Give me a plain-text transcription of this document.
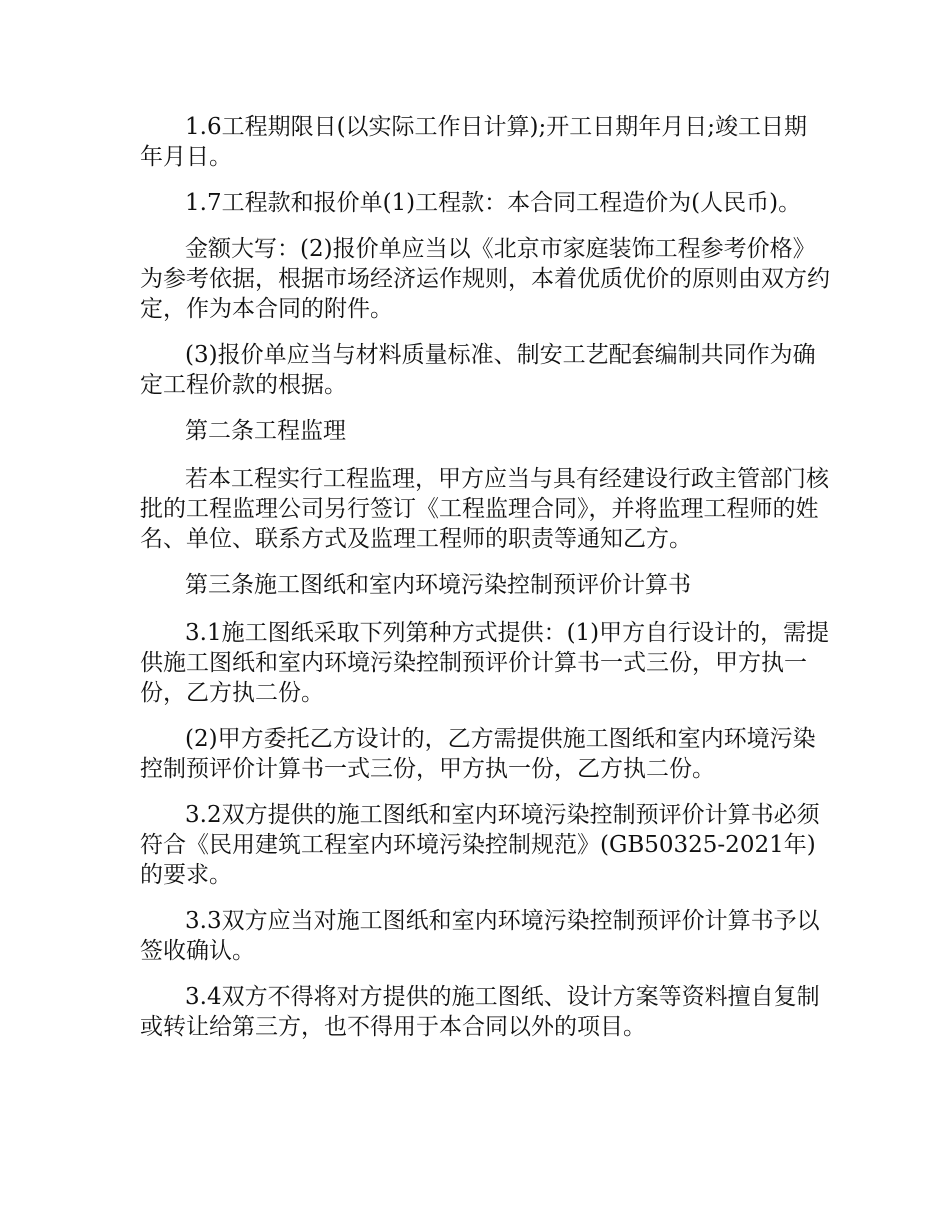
1.6工程期限日(以实际工作日计算);开工日期年月日;竣工日期年月日。

1.7工程款和报价单(1)工程款：本合同工程造价为(人民币)。

金额大写：(2)报价单应当以《北京市家庭装饰工程参考价格》为参考依据，根据市场经济运作规则，本着优质优价的原则由双方约定，作为本合同的附件。

(3)报价单应当与材料质量标准、制安工艺配套编制共同作为确定工程价款的根据。

第二条工程监理

若本工程实行工程监理，甲方应当与具有经建设行政主管部门核批的工程监理公司另行签订《工程监理合同》，并将监理工程师的姓名、单位、联系方式及监理工程师的职责等通知乙方。

第三条施工图纸和室内环境污染控制预评价计算书

3.1施工图纸采取下列第种方式提供：(1)甲方自行设计的，需提供施工图纸和室内环境污染控制预评价计算书一式三份，甲方执一份，乙方执二份。

(2)甲方委托乙方设计的，乙方需提供施工图纸和室内环境污染控制预评价计算书一式三份，甲方执一份，乙方执二份。

3.2双方提供的施工图纸和室内环境污染控制预评价计算书必须符合《民用建筑工程室内环境污染控制规范》(GB50325-2021年)的要求。

3.3双方应当对施工图纸和室内环境污染控制预评价计算书予以签收确认。

3.4双方不得将对方提供的施工图纸、设计方案等资料擅自复制或转让给第三方，也不得用于本合同以外的项目。
